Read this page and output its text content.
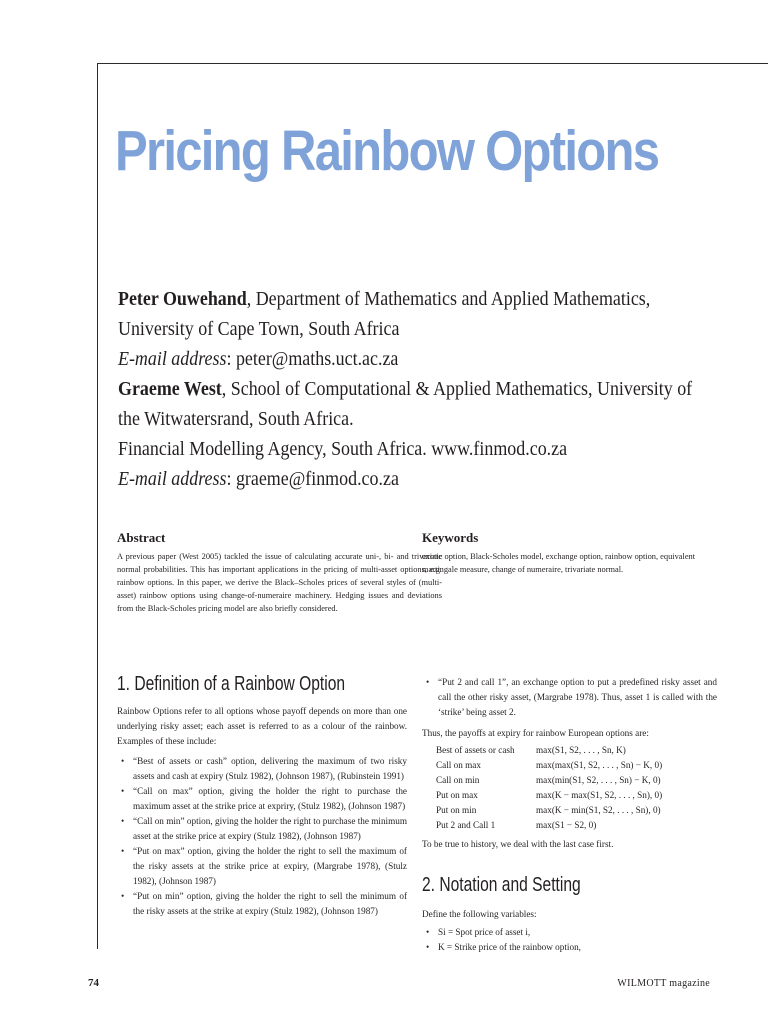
Pricing Rainbow Options
Peter Ouwehand, Department of Mathematics and Applied Mathematics,
University of Cape Town, South Africa
E-mail address: peter@maths.uct.ac.za
Graeme West, School of Computational & Applied Mathematics, University of
the Witwatersrand, South Africa.
Financial Modelling Agency, South Africa. www.finmod.co.za
E-mail address: graeme@finmod.co.za
Abstract

A previous paper (West 2005) tackled the issue of calculating accurate uni-, bi- and trivariate normal probabilities. This has important applications in the pricing of multi-asset options, e.g. rainbow options. In this paper, we derive the Black–Scholes prices of several styles of (multi-asset) rainbow options using change-of-numeraire machinery. Hedging issues and deviations from the Black-Scholes pricing model are also briefly considered.

Keywords

exotic option, Black-Scholes model, exchange option, rainbow option, equivalent martingale measure, change of numeraire, trivariate normal.

1. Definition of a Rainbow Option

Rainbow Options refer to all options whose payoff depends on more than one underlying risky asset; each asset is referred to as a colour of the rainbow. Examples of these include:

• “Best of assets or cash” option, delivering the maximum of two risky assets and cash at expiry (Stulz 1982), (Johnson 1987), (Rubinstein 1991)
• “Call on max” option, giving the holder the right to purchase the maximum asset at the strike price at expriry, (Stulz 1982), (Johnson 1987)
• “Call on min” option, giving the holder the right to purchase the minimum asset at the strike price at expiry (Stulz 1982), (Johnson 1987)
• “Put on max” option, giving the holder the right to sell the maximum of the risky assets at the strike price at expiry, (Margrabe 1978), (Stulz 1982), (Johnson 1987)
• “Put on min” option, giving the holder the right to sell the minimum of the risky assets at the strike at expiry (Stulz 1982), (Johnson 1987)
• “Put 2 and call 1”, an exchange option to put a predefined risky asset and call the other risky asset, (Margrabe 1978). Thus, asset 1 is called with the ‘strike’ being asset 2.

Thus, the payoffs at expiry for rainbow European options are:

Best of assets or cash	max(S1, S2, . . . , Sn, K)
Call on max	max(max(S1, S2, . . . , Sn) − K, 0)
Call on min	max(min(S1, S2, . . . , Sn) − K, 0)
Put on max	max(K − max(S1, S2, . . . , Sn), 0)
Put on min	max(K − min(S1, S2, . . . , Sn), 0)
Put 2 and Call 1	max(S1 − S2, 0)

To be true to history, we deal with the last case first.

2. Notation and Setting

Define the following variables:

• Si = Spot price of asset i,
• K = Strike price of the rainbow option,
74	WILMOTT magazine
